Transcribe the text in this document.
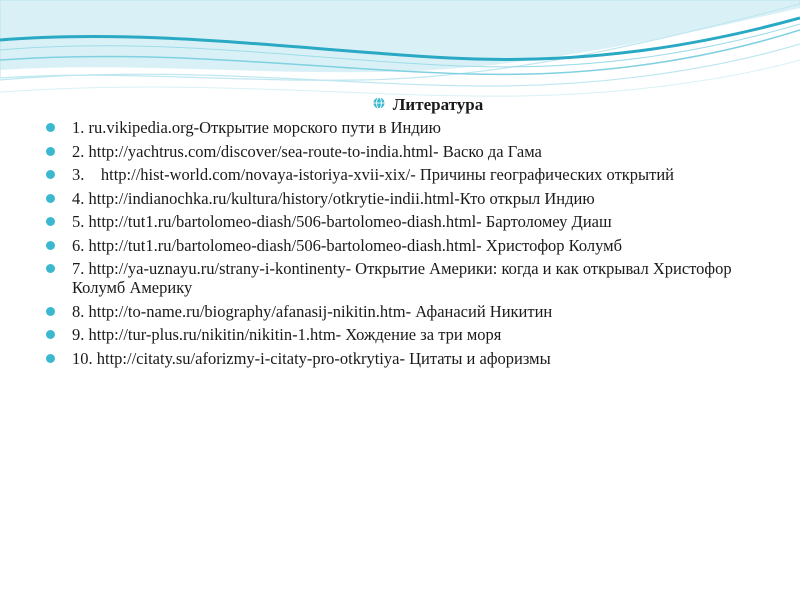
Литература
1. ru.vikipedia.org-Открытие морского пути в Индию
2. http://yachtrus.com/discover/sea-route-to-india.html- Васко да Гама
3.    http://hist-world.com/novaya-istoriya-xvii-xix/- Причины географических открытий
4. http://indianochka.ru/kultura/history/otkrytie-indii.html-Кто открыл Индию
5. http://tut1.ru/bartolomeo-diash/506-bartolomeo-diash.html- Бартоломеу Диаш
6. http://tut1.ru/bartolomeo-diash/506-bartolomeo-diash.html- Христофор Колумб
7. http://ya-uznayu.ru/strany-i-kontinenty- Открытие Америки: когда и как открывал Христофор Колумб Америку
8. http://to-name.ru/biography/afanasij-nikitin.htm- Афанасий Никитин
9. http://tur-plus.ru/nikitin/nikitin-1.htm- Хождение за три моря
10. http://citaty.su/aforizmy-i-citaty-pro-otkrytiya- Цитаты и афоризмы
